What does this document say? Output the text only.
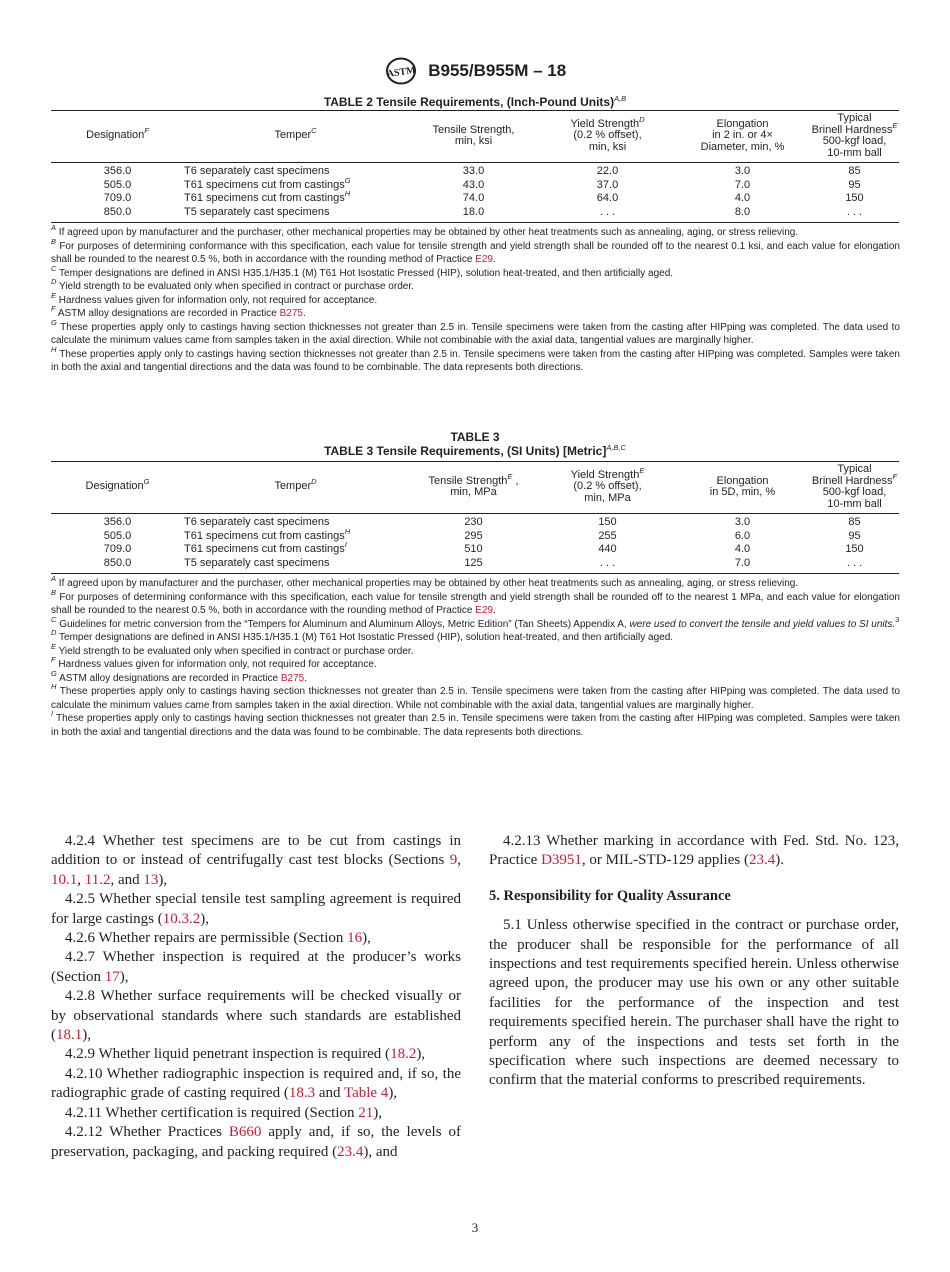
ASTM B955/B955M – 18
TABLE 2 Tensile Requirements, (Inch-Pound Units)$^{A,B}$
Designation$^F$	Temper$^C$	Tensile Strength,
min, ksi	Yield Strength$^D$
(0.2 % offset),
min, ksi	Elongation
in 2 in. or 4×
Diameter, min, %	Typical
Brinell Hardness$^E$
500-kgf load,
10-mm ball
356.0	T6 separately cast specimens	33.0	22.0	3.0	85
505.0	T61 specimens cut from castings$^G$	43.0	37.0	7.0	95
709.0	T61 specimens cut from castings$^H$	74.0	64.0	4.0	150
850.0	T5 separately cast specimens	18.0	. . .	8.0	. . .
$^A$ If agreed upon by manufacturer and the purchaser, other mechanical properties may be obtained by other heat treatments such as annealing, aging, or stress relieving.
$^B$ For purposes of determining conformance with this specification, each value for tensile strength and yield strength shall be rounded off to the nearest 0.1 ksi, and each value for elongation shall be rounded to the nearest 0.5 %, both in accordance with the rounding method of Practice E29.
$^C$ Temper designations are defined in ANSI H35.1/H35.1 (M) T61 Hot Isostatic Pressed (HIP), solution heat-treated, and then artificially aged.
$^D$ Yield strength to be evaluated only when specified in contract or purchase order.
$^E$ Hardness values given for information only, not required for acceptance.
$^F$ ASTM alloy designations are recorded in Practice B275.
$^G$ These properties apply only to castings having section thicknesses not greater than 2.5 in. Tensile specimens were taken from the casting after HIPping was completed. The data used to calculate the minimum values came from samples taken in the axial direction. While not combinable with the axial data, tangential values are marginally higher.
$^H$ These properties apply only to castings having section thicknesses not greater than 2.5 in. Tensile specimens were taken from the casting after HIPping was completed. Samples were taken in both the axial and tangential directions and the data was found to be combinable. The data represents both directions.
TABLE 3
TABLE 3 Tensile Requirements, (SI Units) [Metric]$^{A,B,C}$
Designation$^G$	Temper$^D$	Tensile Strength$^E$ ,
min, MPa	Yield Strength$^E$
(0.2 % offset),
min, MPa	Elongation
in 5D, min, %	Typical
Brinell Hardness$^F$
500-kgf load,
10-mm ball
356.0	T6 separately cast specimens	230	150	3.0	85
505.0	T61 specimens cut from castings$^H$	295	255	6.0	95
709.0	T61 specimens cut from castings$^I$	510	440	4.0	150
850.0	T5 separately cast specimens	125	. . .	7.0	. . .
$^A$ If agreed upon by manufacturer and the purchaser, other mechanical properties may be obtained by other heat treatments such as annealing, aging, or stress relieving.
$^B$ For purposes of determining conformance with this specification, each value for tensile strength and yield strength shall be rounded off to the nearest 1 MPa, and each value for elongation shall be rounded to the nearest 0.5 %, both in accordance with the rounding method of Practice E29.
$^C$ Guidelines for metric conversion from the “Tempers for Aluminum and Aluminum Alloys, Metric Edition” (Tan Sheets) Appendix A, were used to convert the tensile and yield values to SI units.$^3$
$^D$ Temper designations are defined in ANSI H35.1/H35.1 (M) T61 Hot Isostatic Pressed (HIP), solution heat-treated, and then artificially aged.
$^E$ Yield strength to be evaluated only when specified in contract or purchase order.
$^F$ Hardness values given for information only, not required for acceptance.
$^G$ ASTM alloy designations are recorded in Practice B275.
$^H$ These properties apply only to castings having section thicknesses not greater than 2.5 in. Tensile specimens were taken from the casting after HIPping was completed. The data used to calculate the minimum values came from samples taken in the axial direction. While not combinable with the axial data, tangential values are marginally higher.
$^I$ These properties apply only to castings having section thicknesses not greater than 2.5 in. Tensile specimens were taken from the casting after HIPping was completed. Samples were taken in both the axial and tangential directions and the data was found to be combinable. The data represents both directions.

4.2.4 Whether test specimens are to be cut from castings in addition to or instead of centrifugally cast test blocks (Sections 9, 10.1, 11.2, and 13),

4.2.5 Whether special tensile test sampling agreement is required for large castings (10.3.2),

4.2.6 Whether repairs are permissible (Section 16),

4.2.7 Whether inspection is required at the producer’s works (Section 17),

4.2.8 Whether surface requirements will be checked visually or by observational standards where such standards are established (18.1),

4.2.9 Whether liquid penetrant inspection is required (18.2),

4.2.10 Whether radiographic inspection is required and, if so, the radiographic grade of casting required (18.3 and Table 4),

4.2.11 Whether certification is required (Section 21),

4.2.12 Whether Practices B660 apply and, if so, the levels of preservation, packaging, and packing required (23.4), and

4.2.13 Whether marking in accordance with Fed. Std. No. 123, Practice D3951, or MIL-STD-129 applies (23.4).

5. Responsibility for Quality Assurance

5.1 Unless otherwise specified in the contract or purchase order, the producer shall be responsible for the performance of all inspections and test requirements specified herein. Unless otherwise agreed upon, the producer may use his own or any other suitable facilities for the performance of the inspection and test requirements specified herein. The purchaser shall have the right to perform any of the inspections and tests set forth in the specification where such inspections are deemed necessary to confirm that the material conforms to prescribed requirements.

3
